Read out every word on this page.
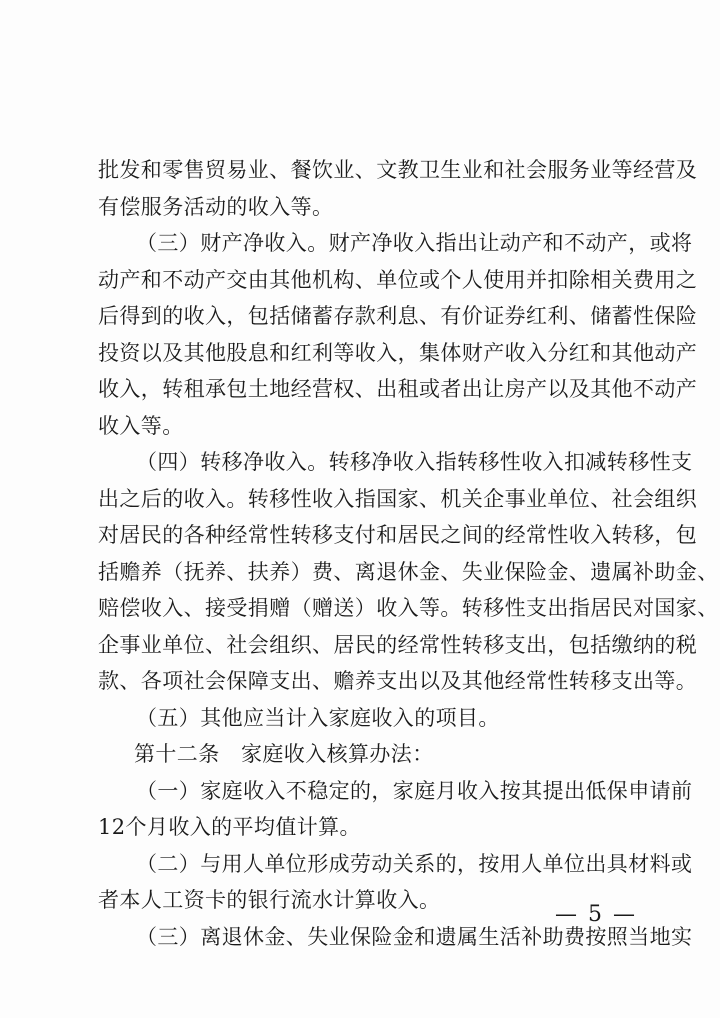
批发和零售贸易业、餐饮业、文教卫生业和社会服务业等经营及
有偿服务活动的收入等。
（三）财产净收入。财产净收入指出让动产和不动产，或将
动产和不动产交由其他机构、单位或个人使用并扣除相关费用之
后得到的收入，包括储蓄存款利息、有价证券红利、储蓄性保险
投资以及其他股息和红利等收入，集体财产收入分红和其他动产
收入，转租承包土地经营权、出租或者出让房产以及其他不动产
收入等。
（四）转移净收入。转移净收入指转移性收入扣减转移性支
出之后的收入。转移性收入指国家、机关企事业单位、社会组织
对居民的各种经常性转移支付和居民之间的经常性收入转移，包
括赡养（抚养、扶养）费、离退休金、失业保险金、遗属补助金、
赔偿收入、接受捐赠（赠送）收入等。转移性支出指居民对国家、
企事业单位、社会组织、居民的经常性转移支出，包括缴纳的税
款、各项社会保障支出、赡养支出以及其他经常性转移支出等。
（五）其他应当计入家庭收入的项目。
第十二条　家庭收入核算办法：
（一）家庭收入不稳定的，家庭月收入按其提出低保申请前
12个月收入的平均值计算。
（二）与用人单位形成劳动关系的，按用人单位出具材料或
者本人工资卡的银行流水计算收入。
（三）离退休金、失业保险金和遗属生活补助费按照当地实
— 5 —
